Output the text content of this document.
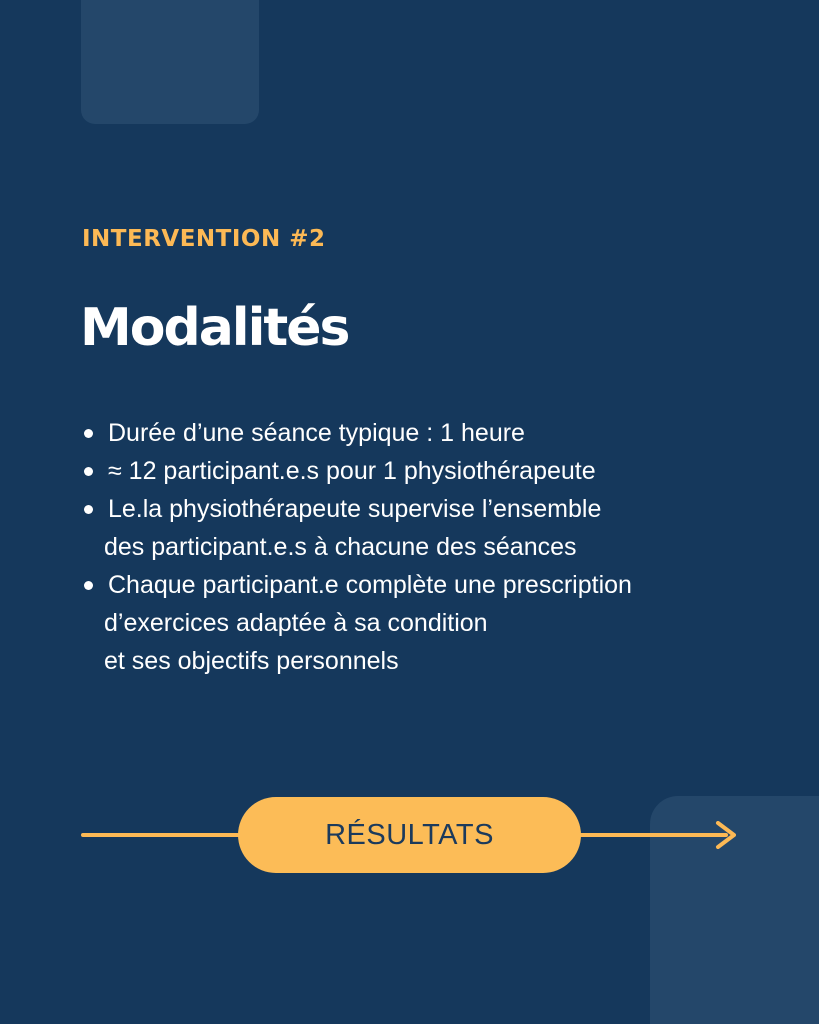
INTERVENTION #2
Modalités
Durée d’une séance typique : 1 heure
≈ 12 participant.e.s pour 1 physiothérapeute
Le.la physiothérapeute supervise l’ensemble
des participant.e.s à chacune des séances
Chaque participant.e complète une prescription
d’exercices adaptée à sa condition
et ses objectifs personnels
RÉSULTATS
